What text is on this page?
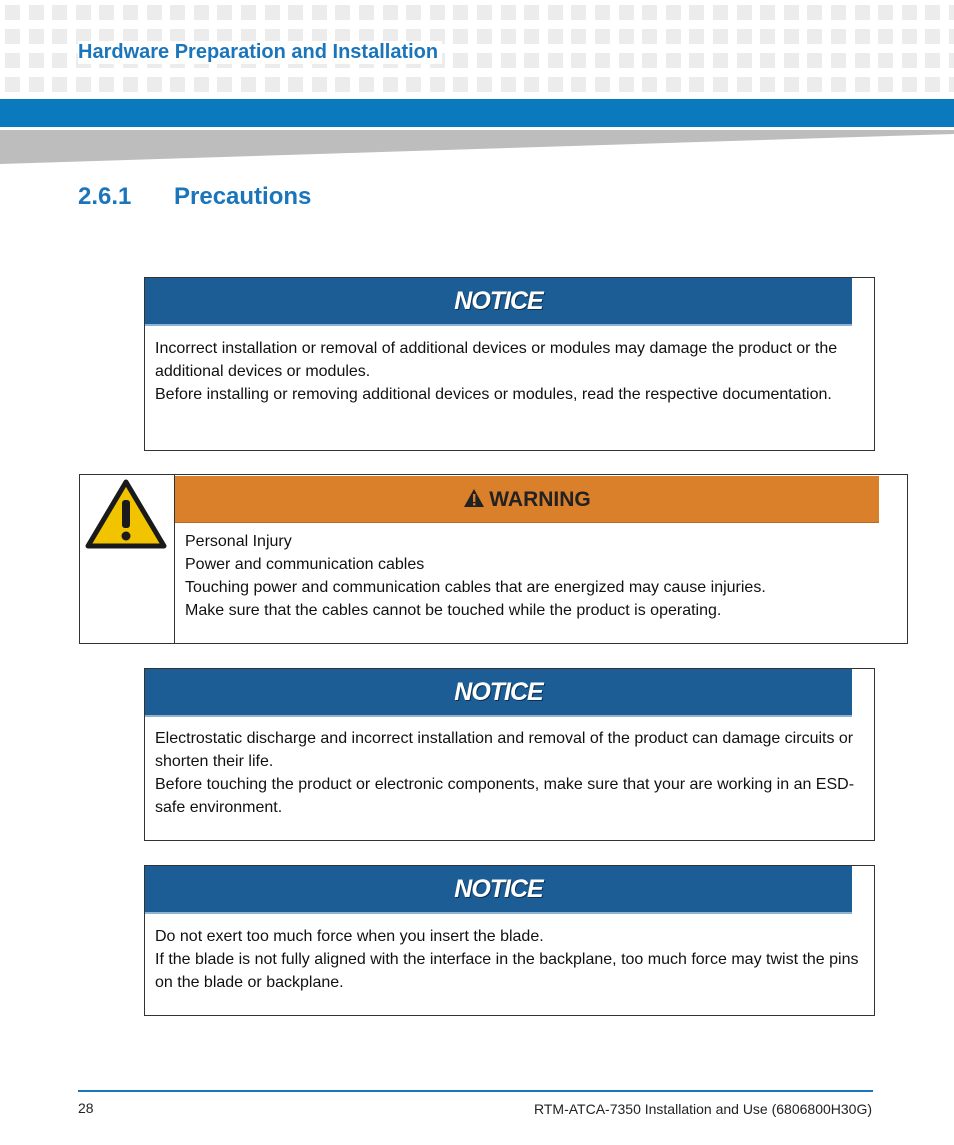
Hardware Preparation and Installation
2.6.1 Precautions
NOTICE

Incorrect installation or removal of additional devices or modules may damage the product or the additional devices or modules.

Before installing or removing additional devices or modules, read the respective documentation.

WARNING

Personal Injury

Power and communication cables

Touching power and communication cables that are energized may cause injuries.

Make sure that the cables cannot be touched while the product is operating.

NOTICE

Electrostatic discharge and incorrect installation and removal of the product can damage circuits or shorten their life.

Before touching the product or electronic components, make sure that your are working in an ESD-safe environment.

NOTICE

Do not exert too much force when you insert the blade.

If the blade is not fully aligned with the interface in the backplane, too much force may twist the pins on the blade or backplane.

28	RTM-ATCA-7350 Installation and Use (6806800H30G)
